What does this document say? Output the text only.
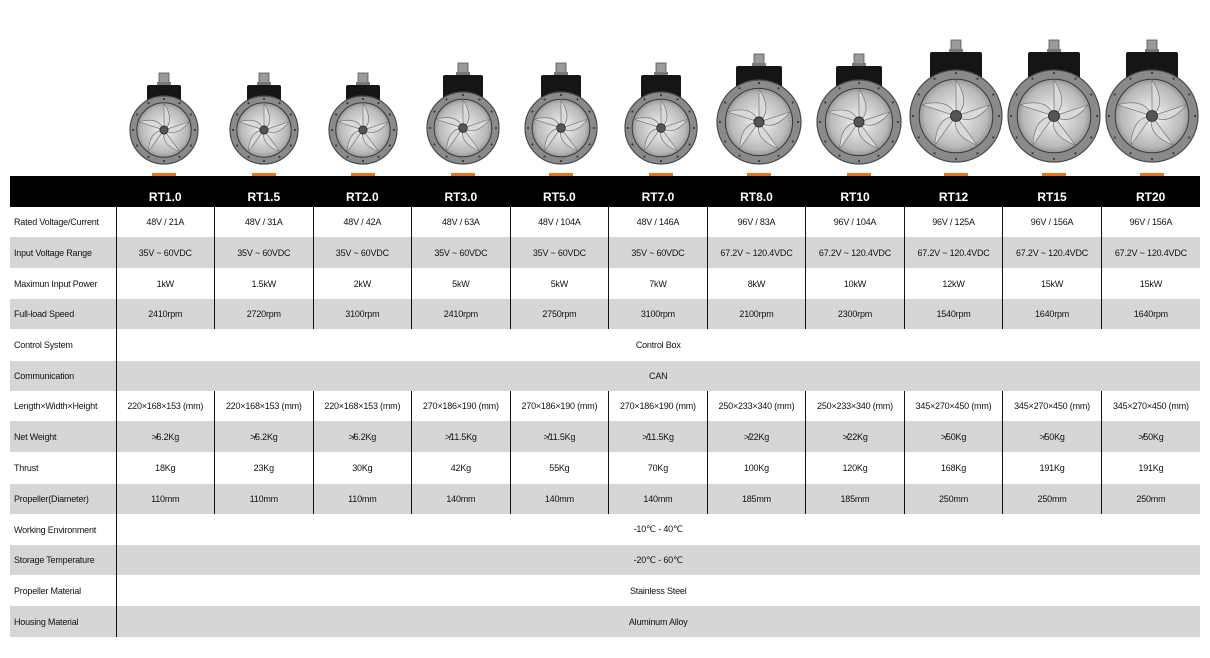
	RT1.0	RT1.5	RT2.0	RT3.0	RT5.0	RT7.0	RT8.0	RT10	RT12	RT15	RT20
Rated Voltage/Current	48V / 21A	48V / 31A	48V / 42A	48V / 63A	48V / 104A	48V / 146A	96V / 83A	96V / 104A	96V / 125A	96V / 156A	96V / 156A
Input Voltage Range	35V ~ 60VDC	35V ~ 60VDC	35V ~ 60VDC	35V ~ 60VDC	35V ~ 60VDC	35V ~ 60VDC	67.2V ~ 120.4VDC	67.2V ~ 120.4VDC	67.2V ~ 120.4VDC	67.2V ~ 120.4VDC	67.2V ~ 120.4VDC
Maximun Input Power	1kW	1.5kW	2kW	5kW	5kW	7kW	8kW	10kW	12kW	15kW	15kW
Full-load Speed	2410rpm	2720rpm	3100rpm	2410rpm	2750rpm	3100rpm	2100rpm	2300rpm	1540rpm	1640rpm	1640rpm
Control System	Control Box										
Communication	CAN										
Length×Width×Height	220×168×153 (mm)	220×168×153 (mm)	220×168×153 (mm)	270×186×190 (mm)	270×186×190 (mm)	270×186×190 (mm)	250×233×340 (mm)	250×233×340 (mm)	345×270×450 (mm)	345×270×450 (mm)	345×270×450 (mm)
Net Weight	≯6.2Kg	≯6.2Kg	≯6.2Kg	≯11.5Kg	≯11.5Kg	≯11.5Kg	≯22Kg	≯22Kg	≯50Kg	≯50Kg	≯50Kg
Thrust	18Kg	23Kg	30Kg	42Kg	55Kg	70Kg	100Kg	120Kg	168Kg	191Kg	191Kg
Propeller(Diameter)	110mm	110mm	110mm	140mm	140mm	140mm	185mm	185mm	250mm	250mm	250mm
Working Environment	-10℃ - 40℃										
Storage Temperature	-20℃ - 60℃										
Propeller Material	Stainless Steel										
Housing Material	Aluminum Alloy										
